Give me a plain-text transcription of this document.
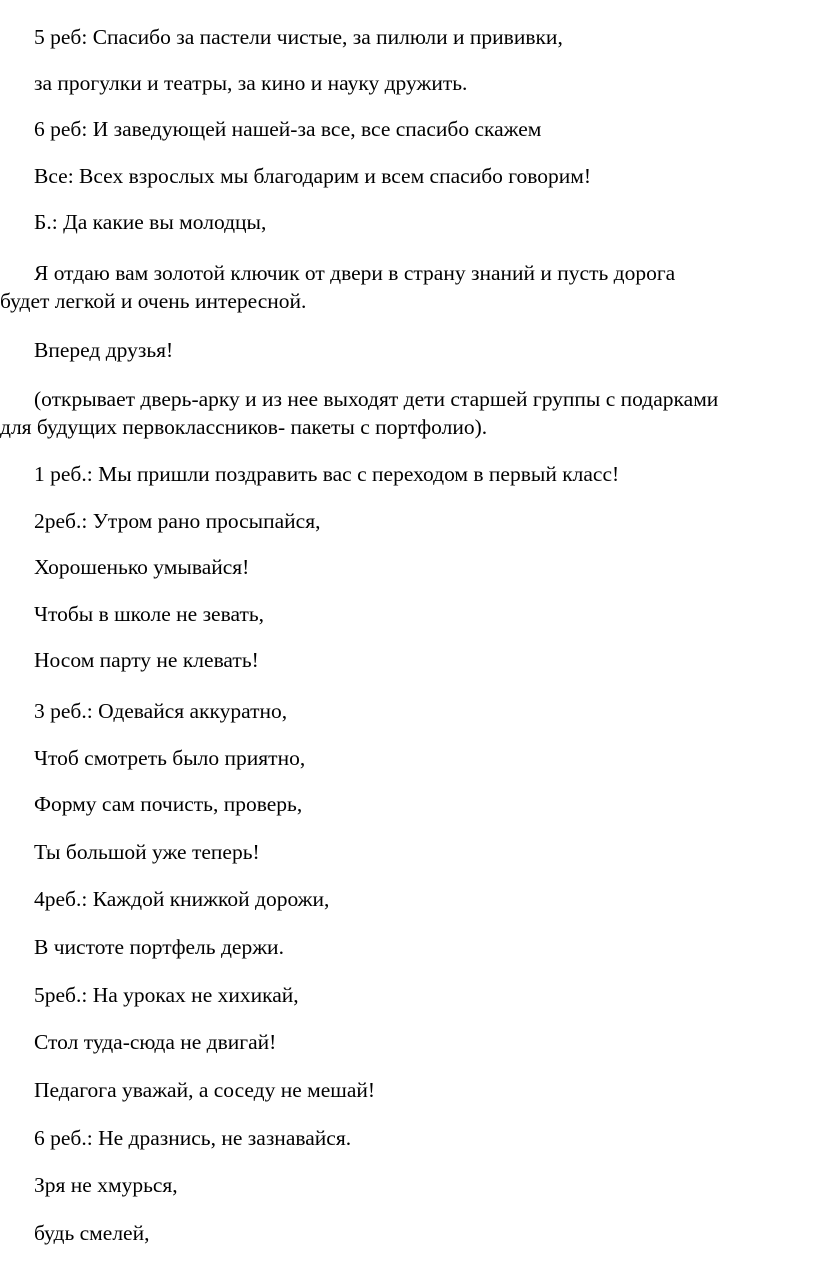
5 реб: Спасибо за пастели чистые, за пилюли и прививки,

за прогулки и театры, за кино и науку дружить.

6 реб: И заведующей нашей-за все, все спасибо скажем

Все: Всех взрослых мы благодарим и всем спасибо говорим!

Б.: Да какие вы молодцы,

Я отдаю вам золотой ключик от двери в страну знаний и пусть дорога
будет легкой и очень интересной.

Вперед друзья!

(открывает дверь-арку и из нее выходят дети старшей группы с подарками
для будущих первоклассников- пакеты с портфолио).

1 реб.: Мы пришли поздравить вас с переходом в первый класс!

2реб.: Утром рано просыпайся,

Хорошенько умывайся!

Чтобы в школе не зевать,

Носом парту не клевать!

3 реб.: Одевайся аккуратно,

Чтоб смотреть было приятно,

Форму сам почисть, проверь,

Ты большой уже теперь!

4реб.: Каждой книжкой дорожи,

В чистоте портфель держи.

5реб.: На уроках не хихикай,

Стол туда-сюда не двигай!

Педагога уважай, а соседу не мешай!

6 реб.: Не дразнись, не зазнавайся.

Зря не хмурься,

будь смелей,
